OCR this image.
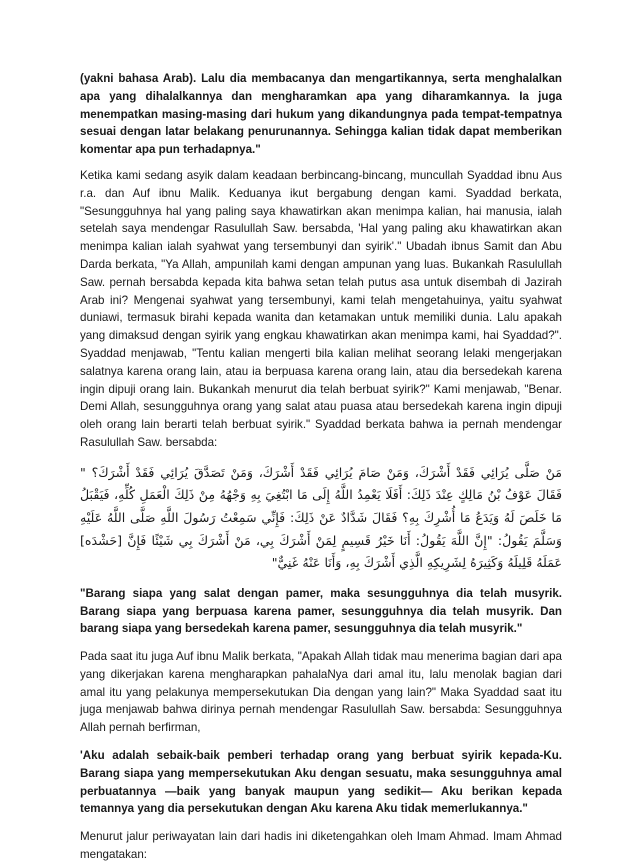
(yakni bahasa Arab). Lalu dia membacanya dan mengartikannya, serta menghalalkan apa yang dihalalkannya dan mengharamkan apa yang diharamkannya. Ia juga menempatkan masing-masing dari hukum yang dikandungnya pada tempat-tempatnya sesuai dengan latar belakang penurunannya. Sehingga kalian tidak dapat memberikan komentar apa pun terhadapnya."

Ketika kami sedang asyik dalam keadaan berbincang-bincang, muncullah Syaddad ibnu Aus r.a. dan Auf ibnu Malik. Keduanya ikut bergabung dengan kami. Syaddad berkata, "Sesungguhnya hal yang paling saya khawatirkan akan menimpa kalian, hai manusia, ialah setelah saya mendengar Rasulullah Saw. bersabda, 'Hal yang paling aku khawatirkan akan menimpa kalian ialah syahwat yang tersembunyi dan syirik'." Ubadah ibnus Samit dan Abu Darda berkata, "Ya Allah, ampunilah kami dengan ampunan yang luas. Bukankah Rasulullah Saw. pernah bersabda kepada kita bahwa setan telah putus asa untuk disembah di Jazirah Arab ini? Mengenai syahwat yang tersembunyi, kami telah mengetahuinya, yaitu syahwat duniawi, termasuk birahi kepada wanita dan ketamakan untuk memiliki dunia. Lalu apakah yang dimaksud dengan syirik yang engkau khawatirkan akan menimpa kami, hai Syaddad?". Syaddad menjawab, "Tentu kalian mengerti bila kalian melihat seorang lelaki mengerjakan salatnya karena orang lain, atau ia berpuasa karena orang lain, atau dia bersedekah karena ingin dipuji orang lain. Bukankah menurut dia telah berbuat syirik?" Kami menjawab, "Benar. Demi Allah, sesungguhnya orang yang salat atau puasa atau bersedekah karena ingin dipuji oleh orang lain berarti telah berbuat syirik." Syaddad berkata bahwa ia pernah mendengar Rasulullah Saw. bersabda:

مَنْ صَلَّى يُرَائِي فَقَدْ أَشْرَكَ، وَمَنْ صَامَ يُرَائِي فَقَدْ أَشْرَكَ، وَمَنْ تَصَدَّقَ يُرَائِي فَقَدْ أَشْرَكَ؟ " فَقَالَ عَوْفُ بْنُ مَالِكٍ عِنْدَ ذَلِكَ: أَفَلَا يَعْمِدُ اللَّهُ إِلَى مَا ابْتُغِيَ بِهِ وَجْهُهُ مِنْ ذَلِكَ الْعَمَلِ كُلِّهِ، فَيَقْبَلُ مَا خَلَصَ لَهُ وَيَدَعُ مَا أُشْرِكَ بِهِ؟ فَقَالَ شَدَّادٌ عَنْ ذَلِكَ: فَإِنِّي سَمِعْتُ رَسُولَ اللَّهِ صَلَّى اللَّهُ عَلَيْهِ وَسَلَّمَ يَقُولُ: "إِنَّ اللَّهَ يَقُولُ: أَنَا خَيْرُ قَسِيمٍ لِمَنْ أَشْرَكَ بِي، مَنْ أَشْرَكَ بِي شَيْئًا فَإِنَّ [حَشْدَه] عَمَلَهُ قَلِيلَهُ وَكَثِيرَهُ لِشَرِيكِهِ الَّذِي أَشْرَكَ بِهِ، وَأَنَا عَنْهُ غَنِيٌّ"

"Barang siapa yang salat dengan pamer, maka sesungguhnya dia telah musyrik. Barang siapa yang berpuasa karena pamer, sesungguhnya dia telah musyrik. Dan barang siapa yang bersedekah karena pamer, sesungguhnya dia telah musyrik."

Pada saat itu juga Auf ibnu Malik berkata, "Apakah Allah tidak mau menerima bagian dari apa yang dikerjakan karena mengharapkan pahalaNya dari amal itu, lalu menolak bagian dari amal itu yang pelakunya mempersekutukan Dia dengan yang lain?" Maka Syaddad saat itu juga menjawab bahwa dirinya pernah mendengar Rasulullah Saw. bersabda: Sesungguhnya Allah pernah berfirman,

'Aku adalah sebaik-baik pemberi terhadap orang yang berbuat syirik kepada-Ku. Barang siapa yang mempersekutukan Aku dengan sesuatu, maka sesungguhnya amal perbuatannya —baik yang banyak maupun yang sedikit— Aku berikan kepada temannya yang dia persekutukan dengan Aku karena Aku tidak memerlukannya."

Menurut jalur periwayatan lain dari hadis ini diketengahkan oleh Imam Ahmad. Imam Ahmad mengatakan:
